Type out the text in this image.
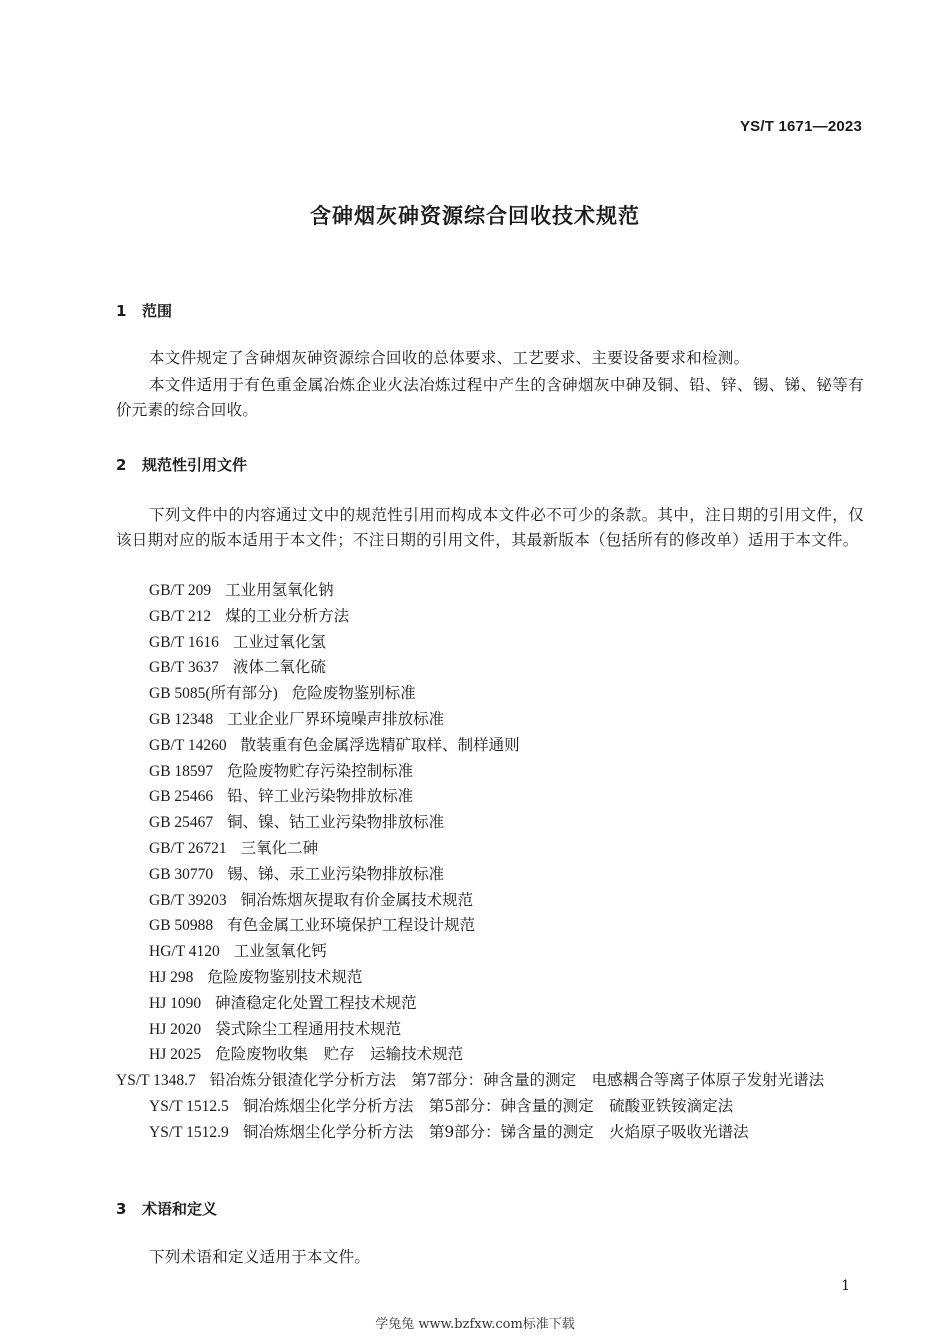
YS/T 1671—2023
含砷烟灰砷资源综合回收技术规范
1 范围

本文件规定了含砷烟灰砷资源综合回收的总体要求、工艺要求、主要设备要求和检测。

本文件适用于有色重金属冶炼企业火法冶炼过程中产生的含砷烟灰中砷及铜、铅、锌、锡、锑、铋等有价元素的综合回收。

2 规范性引用文件

下列文件中的内容通过文中的规范性引用而构成本文件必不可少的条款。其中，注日期的引用文件，仅该日期对应的版本适用于本文件；不注日期的引用文件，其最新版本（包括所有的修改单）适用于本文件。

GB/T 209 工业用氢氧化钠
GB/T 212 煤的工业分析方法
GB/T 1616 工业过氧化氢
GB/T 3637 液体二氧化硫
GB 5085(所有部分) 危险废物鉴别标准
GB 12348 工业企业厂界环境噪声排放标准
GB/T 14260 散装重有色金属浮选精矿取样、制样通则
GB 18597 危险废物贮存污染控制标准
GB 25466 铅、锌工业污染物排放标准
GB 25467 铜、镍、钴工业污染物排放标准
GB/T 26721 三氧化二砷
GB 30770 锡、锑、汞工业污染物排放标准
GB/T 39203 铜冶炼烟灰提取有价金属技术规范
GB 50988 有色金属工业环境保护工程设计规范
HG/T 4120 工业氢氧化钙
HJ 298 危险废物鉴别技术规范
HJ 1090 砷渣稳定化处置工程技术规范
HJ 2020 袋式除尘工程通用技术规范
HJ 2025 危险废物收集　贮存　运输技术规范
YS/T 1348.7 铅冶炼分银渣化学分析方法　第7部分：砷含量的测定　电感耦合等离子体原子发射光谱法
YS/T 1512.5 铜冶炼烟尘化学分析方法　第5部分：砷含量的测定　硫酸亚铁铵滴定法
YS/T 1512.9 铜冶炼烟尘化学分析方法　第9部分：锑含量的测定　火焰原子吸收光谱法
3 术语和定义

下列术语和定义适用于本文件。

1
学兔兔 www.bzfxw.com标准下载
